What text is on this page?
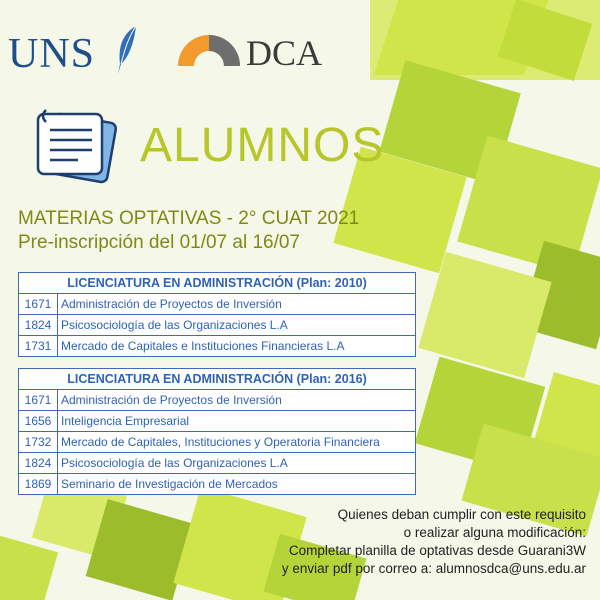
UNS	DCA
ALUMNOS
MATERIAS OPTATIVAS - 2° CUAT 2021
Pre-inscripción del 01/07 al 16/07
LICENCIATURA EN ADMINISTRACIÓN (Plan: 2010)
1671 Administración de Proyectos de Inversión
1824 Psicosociología de las Organizaciones L.A
1731 Mercado de Capitales e Instituciones Financieras L.A
LICENCIATURA EN ADMINISTRACIÓN (Plan: 2016)
1671 Administración de Proyectos de Inversión
1656 Inteligencia Empresarial
1732 Mercado de Capitales, Instituciones y Operatoria Financiera
1824 Psicosociología de las Organizaciones L.A
1869 Seminario de Investigación de Mercados
Quienes deban cumplir con este requisito
o realizar alguna modificación:
Completar planilla de optativas desde Guarani3W
y enviar pdf por correo a: alumnosdca@uns.edu.ar
